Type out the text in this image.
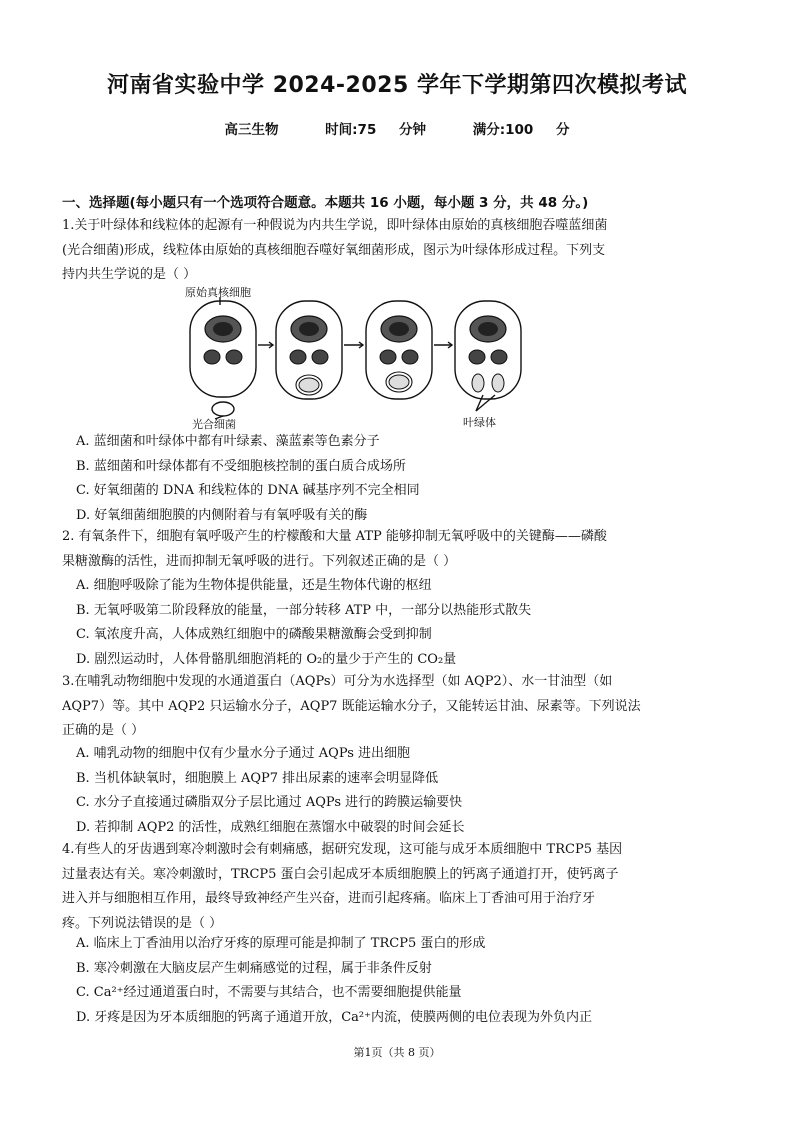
河南省实验中学 2024-2025 学年下学期第四次模拟考试
高三生物	时间:75 分钟	满分:100 分
一、选择题(每小题只有一个选项符合题意。本题共 16 小题，每小题 3 分，共 48 分。)
1.关于叶绿体和线粒体的起源有一种假说为内共生学说，即叶绿体由原始的真核细胞吞噬蓝细菌
(光合细菌)形成，线粒体由原始的真核细胞吞噬好氧细菌形成，图示为叶绿体形成过程。下列支
持内共生学说的是（ ）
原始真核细胞
光合细菌	叶绿体
A. 蓝细菌和叶绿体中都有叶绿素、藻蓝素等色素分子
B. 蓝细菌和叶绿体都有不受细胞核控制的蛋白质合成场所
C. 好氧细菌的 DNA 和线粒体的 DNA 碱基序列不完全相同
D. 好氧细菌细胞膜的内侧附着与有氧呼吸有关的酶
2. 有氧条件下，细胞有氧呼吸产生的柠檬酸和大量 ATP 能够抑制无氧呼吸中的关键酶——磷酸
果糖激酶的活性，进而抑制无氧呼吸的进行。下列叙述正确的是（ ）
A. 细胞呼吸除了能为生物体提供能量，还是生物体代谢的枢纽
B. 无氧呼吸第二阶段释放的能量，一部分转移 ATP 中，一部分以热能形式散失
C. 氧浓度升高，人体成熟红细胞中的磷酸果糖激酶会受到抑制
D. 剧烈运动时，人体骨骼肌细胞消耗的 O₂的量少于产生的 CO₂量
3.在哺乳动物细胞中发现的水通道蛋白（AQPs）可分为水选择型（如 AQP2）、水一甘油型（如
AQP7）等。其中 AQP2 只运输水分子，AQP7 既能运输水分子，又能转运甘油、尿素等。下列说法
正确的是（ ）
A. 哺乳动物的细胞中仅有少量水分子通过 AQPs 进出细胞
B. 当机体缺氧时，细胞膜上 AQP7 排出尿素的速率会明显降低
C. 水分子直接通过磷脂双分子层比通过 AQPs 进行的跨膜运输要快
D. 若抑制 AQP2 的活性，成熟红细胞在蒸馏水中破裂的时间会延长
4.有些人的牙齿遇到寒冷刺激时会有刺痛感，据研究发现，这可能与成牙本质细胞中 TRCP5 基因
过量表达有关。寒冷刺激时，TRCP5 蛋白会引起成牙本质细胞膜上的钙离子通道打开，使钙离子
进入并与细胞相互作用，最终导致神经产生兴奋，进而引起疼痛。临床上丁香油可用于治疗牙
疼。下列说法错误的是（ ）
A. 临床上丁香油用以治疗牙疼的原理可能是抑制了 TRCP5 蛋白的形成
B. 寒冷刺激在大脑皮层产生刺痛感觉的过程，属于非条件反射
C. Ca²⁺经过通道蛋白时，不需要与其结合，也不需要细胞提供能量
D. 牙疼是因为牙本质细胞的钙离子通道开放，Ca²⁺内流，使膜两侧的电位表现为外负内正
第1页（共 8 页）
